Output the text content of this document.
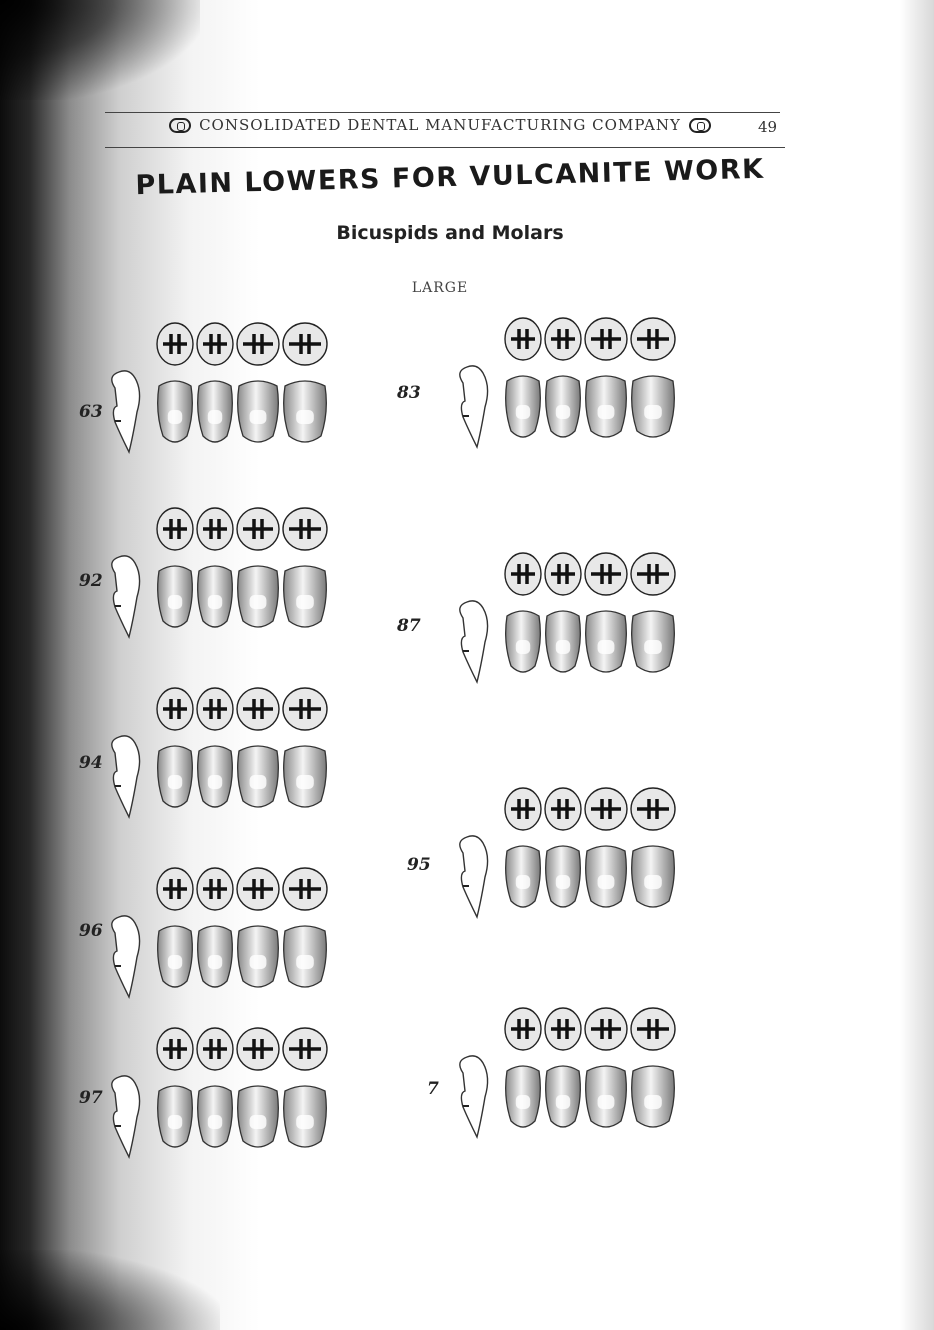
CONSOLIDATED DENTAL MANUFACTURING COMPANY	49
PLAIN LOWERS FOR VULCANITE WORK
Bicuspids and Molars
LARGE
63
92
94
96
97
83
87
95
7
